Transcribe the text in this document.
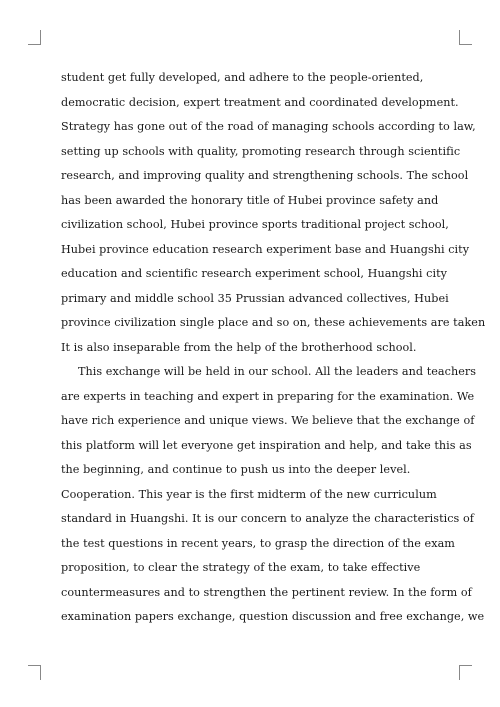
student get fully developed, and adhere to the people-oriented,
democratic decision, expert treatment and coordinated development.
Strategy has gone out of the road of managing schools according to law,
setting up schools with quality, promoting research through scientific
research, and improving quality and strengthening schools. The school
has been awarded the honorary title of Hubei province safety and
civilization school, Hubei province sports traditional project school,
Hubei province education research experiment base and Huangshi city
education and scientific research experiment school, Huangshi city
primary and middle school 35 Prussian advanced collectives, Hubei
province civilization single place and so on, these achievements are taken
It is also inseparable from the help of the brotherhood school.
This exchange will be held in our school. All the leaders and teachers
are experts in teaching and expert in preparing for the examination. We
have rich experience and unique views. We believe that the exchange of
this platform will let everyone get inspiration and help, and take this as
the beginning, and continue to push us into the deeper level.
Cooperation. This year is the first midterm of the new curriculum
standard in Huangshi. It is our concern to analyze the characteristics of
the test questions in recent years, to grasp the direction of the exam
proposition, to clear the strategy of the exam, to take effective
countermeasures and to strengthen the pertinent review. In the form of
examination papers exchange, question discussion and free exchange, we
